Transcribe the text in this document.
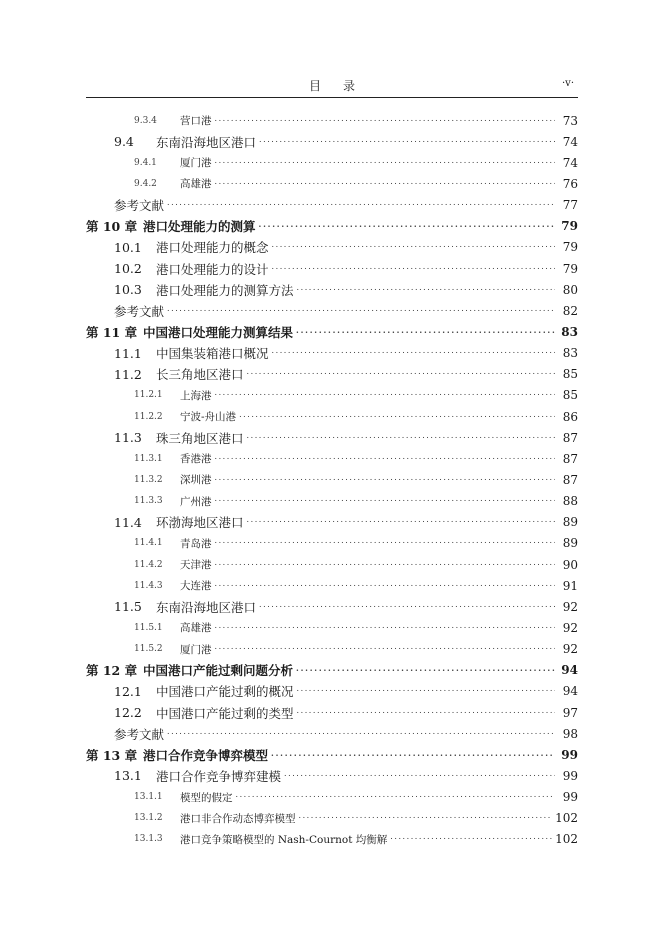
目录	·v·
9.3.4	营口港 · · ·	73
9.4	东南沿海地区港口 · · ·	74
9.4.1	厦门港 · · ·	74
9.4.2	高雄港 · · ·	76
参考文献 · · ·	77
第 10 章 港口处理能力的测算 · · ·	79
10.1	港口处理能力的概念 · · ·	79
10.2	港口处理能力的设计 · · ·	79
10.3	港口处理能力的测算方法 · · ·	80
参考文献 · · ·	82
第 11 章 中国港口处理能力测算结果 · · ·	83
11.1	中国集装箱港口概况 · · ·	83
11.2	长三角地区港口 · · ·	85
11.2.1	上海港 · · ·	85
11.2.2	宁波-舟山港 · · ·	86
11.3	珠三角地区港口 · · ·	87
11.3.1	香港港 · · ·	87
11.3.2	深圳港 · · ·	87
11.3.3	广州港 · · ·	88
11.4	环渤海地区港口 · · ·	89
11.4.1	青岛港 · · ·	89
11.4.2	天津港 · · ·	90
11.4.3	大连港 · · ·	91
11.5	东南沿海地区港口 · · ·	92
11.5.1	高雄港 · · ·	92
11.5.2	厦门港 · · ·	92
第 12 章 中国港口产能过剩问题分析 · · ·	94
12.1	中国港口产能过剩的概况 · · ·	94
12.2	中国港口产能过剩的类型 · · ·	97
参考文献 · · ·	98
第 13 章 港口合作竞争博弈模型 · · ·	99
13.1	港口合作竞争博弈建模 · · ·	99
13.1.1	模型的假定 · · ·	99
13.1.2	港口非合作动态博弈模型 · · ·	102
13.1.3	港口竞争策略模型的 Nash-Cournot 均衡解 · · ·	102
